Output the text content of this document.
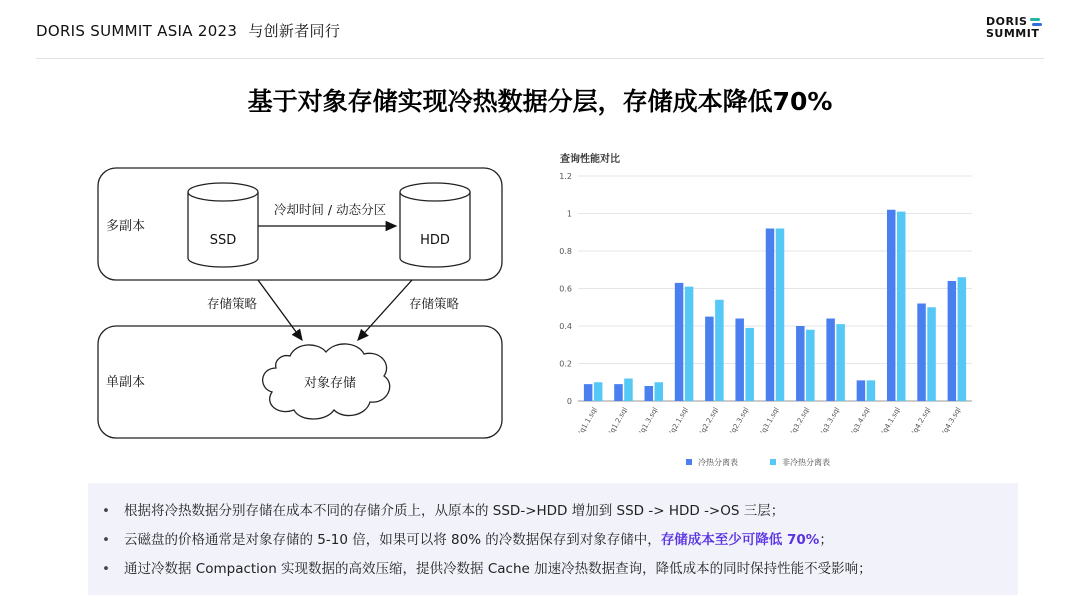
DORIS SUMMIT ASIA 2023 与创新者同行
DORIS
SUMMIT
基于对象存储实现冷热数据分层，存储成本降低70%
多副本
单副本
SSD	HDD
冷却时间 / 动态分区
存储策略	存储策略
对象存储
查询性能对比
0
0.2
0.4
0.6
0.8
1
1.2
'q1.1.sql 'q1.2.sql 'q1.3.sql 'q2.1.sql 'q2.2.sql 'q2.3.sql 'q3.1.sql 'q3.2.sql 'q3.3.sql 'q3.4.sql 'q4.1.sql 'q4.2.sql 'q4.3.sql
冷热分离表	非冷热分离表
• 根据将冷热数据分别存储在成本不同的存储介质上，从原本的 SSD->HDD 增加到 SSD -> HDD ->OS 三层；
• 云磁盘的价格通常是对象存储的 5-10 倍，如果可以将 80% 的冷数据保存到对象存储中，存储成本至少可降低 70%；
• 通过冷数据 Compaction 实现数据的高效压缩，提供冷数据 Cache 加速冷热数据查询，降低成本的同时保持性能不受影响；
